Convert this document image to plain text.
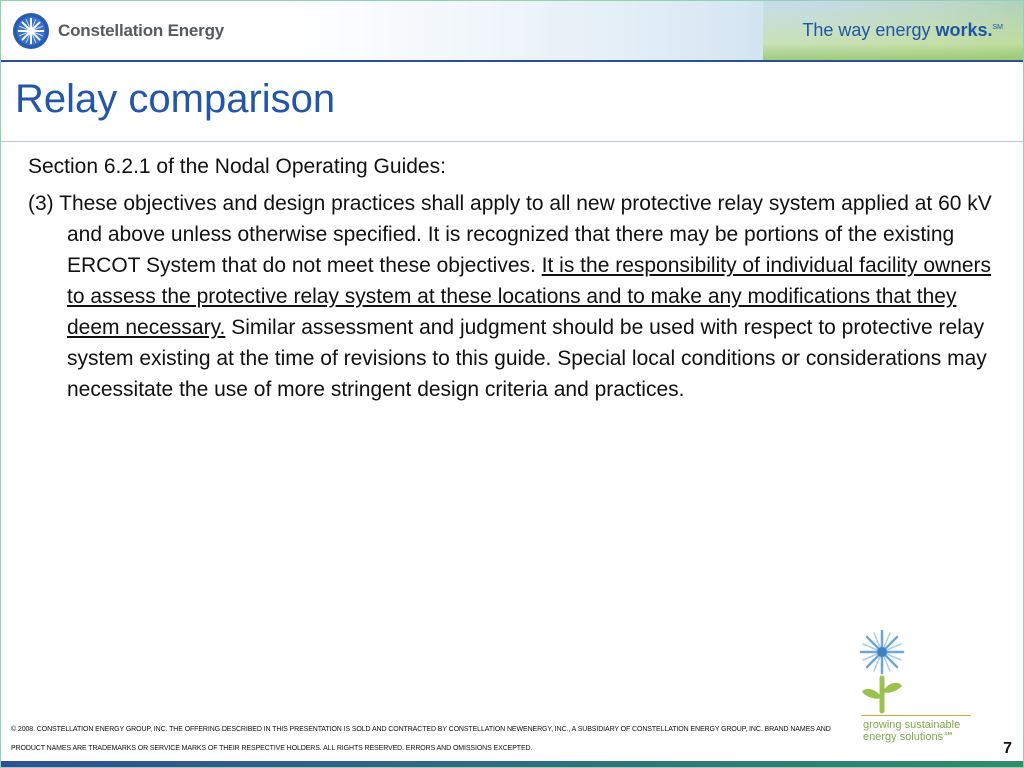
Constellation Energy	The way energy works.℠
Relay comparison

Section 6.2.1 of the Nodal Operating Guides:

(3) These objectives and design practices shall apply to all new protective relay system applied at 60 kV and above unless otherwise specified. It is recognized that there may be portions of the existing ERCOT System that do not meet these objectives. It is the responsibility of individual facility owners to assess the protective relay system at these locations and to make any modifications that they deem necessary. Similar assessment and judgment should be used with respect to protective relay system existing at the time of revisions to this guide. Special local conditions or considerations may necessitate the use of more stringent design criteria and practices.

growing sustainable
energy solutions℠
© 2008. CONSTELLATION ENERGY GROUP, INC. THE OFFERING DESCRIBED IN THIS PRESENTATION IS SOLD AND CONTRACTED BY CONSTELLATION NEWENERGY, INC., A SUBSIDIARY OF CONSTELLATION ENERGY GROUP, INC. BRAND NAMES AND
PRODUCT NAMES ARE TRADEMARKS OR SERVICE MARKS OF THEIR RESPECTIVE HOLDERS. ALL RIGHTS RESERVED. ERRORS AND OMISSIONS EXCEPTED.	7
